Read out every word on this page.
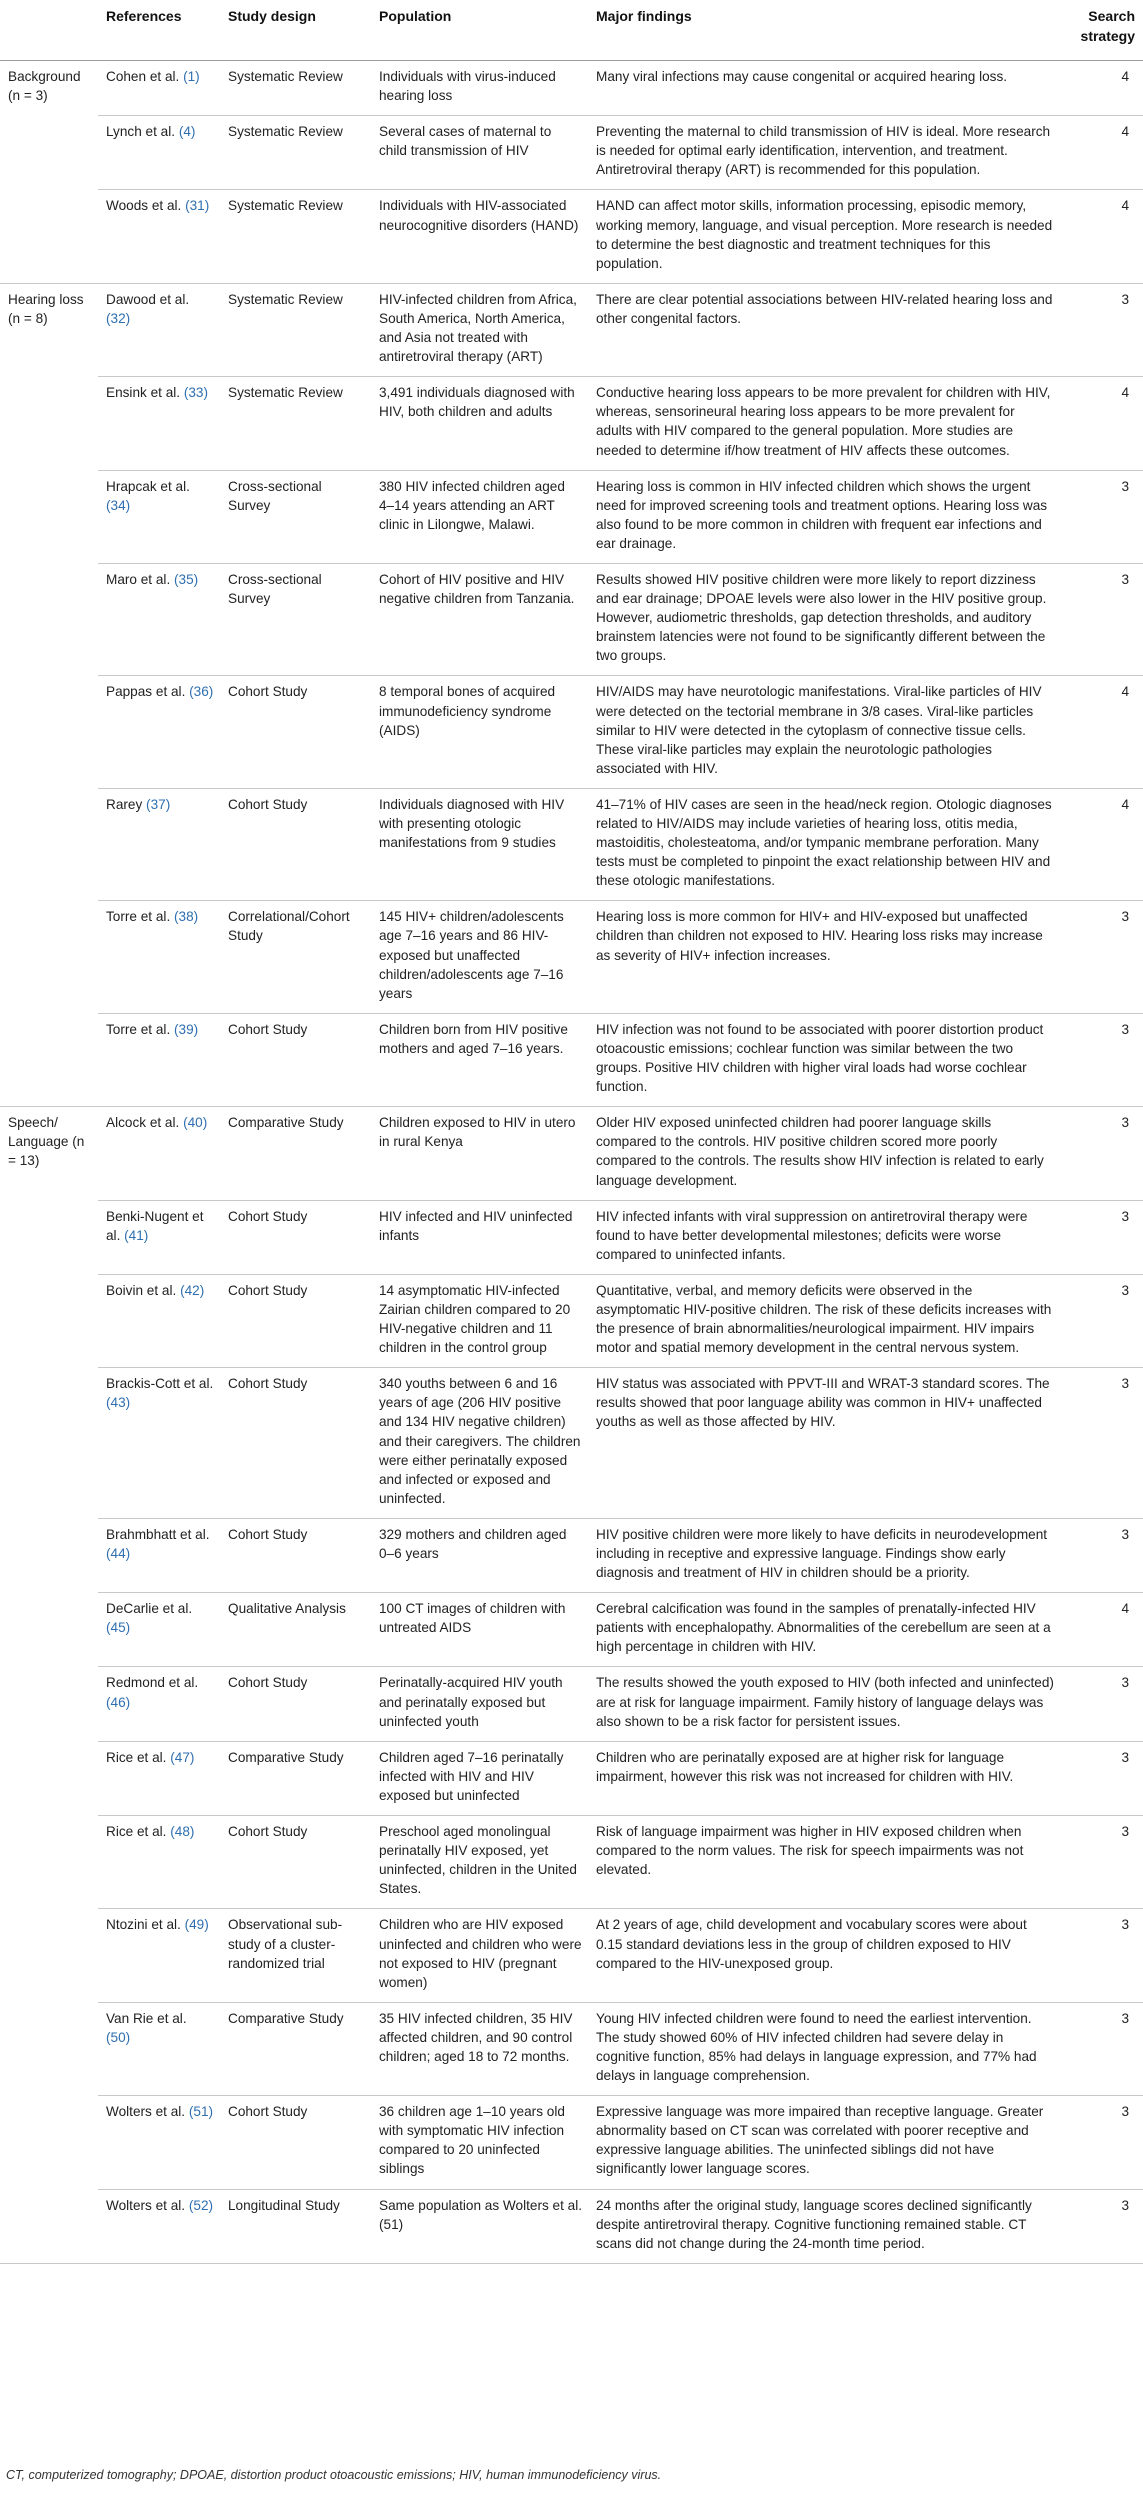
	References	Study design	Population	Major findings	Search strategy
Background (n = 3)	Cohen et al. (1)	Systematic Review	Individuals with virus-induced hearing loss	Many viral infections may cause congenital or acquired hearing loss.	4
	Lynch et al. (4)	Systematic Review	Several cases of maternal to child transmission of HIV	Preventing the maternal to child transmission of HIV is ideal. More research is needed for optimal early identification, intervention, and treatment. Antiretroviral therapy (ART) is recommended for this population.	4
	Woods et al. (31)	Systematic Review	Individuals with HIV-associated neurocognitive disorders (HAND)	HAND can affect motor skills, information processing, episodic memory, working memory, language, and visual perception. More research is needed to determine the best diagnostic and treatment techniques for this population.	4
Hearing loss (n = 8)	Dawood et al. (32)	Systematic Review	HIV-infected children from Africa, South America, North America, and Asia not treated with antiretroviral therapy (ART)	There are clear potential associations between HIV-related hearing loss and other congenital factors.	3
	Ensink et al. (33)	Systematic Review	3,491 individuals diagnosed with HIV, both children and adults	Conductive hearing loss appears to be more prevalent for children with HIV, whereas, sensorineural hearing loss appears to be more prevalent for adults with HIV compared to the general population. More studies are needed to determine if/how treatment of HIV affects these outcomes.	4
	Hrapcak et al. (34)	Cross-sectional Survey	380 HIV infected children aged 4–14 years attending an ART clinic in Lilongwe, Malawi.	Hearing loss is common in HIV infected children which shows the urgent need for improved screening tools and treatment options. Hearing loss was also found to be more common in children with frequent ear infections and ear drainage.	3
	Maro et al. (35)	Cross-sectional Survey	Cohort of HIV positive and HIV negative children from Tanzania.	Results showed HIV positive children were more likely to report dizziness and ear drainage; DPOAE levels were also lower in the HIV positive group. However, audiometric thresholds, gap detection thresholds, and auditory brainstem latencies were not found to be significantly different between the two groups.	3
	Pappas et al. (36)	Cohort Study	8 temporal bones of acquired immunodeficiency syndrome (AIDS)	HIV/AIDS may have neurotologic manifestations. Viral-like particles of HIV were detected on the tectorial membrane in 3/8 cases. Viral-like particles similar to HIV were detected in the cytoplasm of connective tissue cells. These viral-like particles may explain the neurotologic pathologies associated with HIV.	4
	Rarey (37)	Cohort Study	Individuals diagnosed with HIV with presenting otologic manifestations from 9 studies	41–71% of HIV cases are seen in the head/neck region. Otologic diagnoses related to HIV/AIDS may include varieties of hearing loss, otitis media, mastoiditis, cholesteatoma, and/or tympanic membrane perforation. Many tests must be completed to pinpoint the exact relationship between HIV and these otologic manifestations.	4
	Torre et al. (38)	Correlational/Cohort Study	145 HIV+ children/adolescents age 7–16 years and 86 HIV-exposed but unaffected children/adolescents age 7–16 years	Hearing loss is more common for HIV+ and HIV-exposed but unaffected children than children not exposed to HIV. Hearing loss risks may increase as severity of HIV+ infection increases.	3
	Torre et al. (39)	Cohort Study	Children born from HIV positive mothers and aged 7–16 years.	HIV infection was not found to be associated with poorer distortion product otoacoustic emissions; cochlear function was similar between the two groups. Positive HIV children with higher viral loads had worse cochlear function.	3
Speech/ Language (n = 13)	Alcock et al. (40)	Comparative Study	Children exposed to HIV in utero in rural Kenya	Older HIV exposed uninfected children had poorer language skills compared to the controls. HIV positive children scored more poorly compared to the controls. The results show HIV infection is related to early language development.	3
	Benki-Nugent et al. (41)	Cohort Study	HIV infected and HIV uninfected infants	HIV infected infants with viral suppression on antiretroviral therapy were found to have better developmental milestones; deficits were worse compared to uninfected infants.	3
	Boivin et al. (42)	Cohort Study	14 asymptomatic HIV-infected Zairian children compared to 20 HIV-negative children and 11 children in the control group	Quantitative, verbal, and memory deficits were observed in the asymptomatic HIV-positive children. The risk of these deficits increases with the presence of brain abnormalities/neurological impairment. HIV impairs motor and spatial memory development in the central nervous system.	3
	Brackis-Cott et al. (43)	Cohort Study	340 youths between 6 and 16 years of age (206 HIV positive and 134 HIV negative children) and their caregivers. The children were either perinatally exposed and infected or exposed and uninfected.	HIV status was associated with PPVT-III and WRAT-3 standard scores. The results showed that poor language ability was common in HIV+ unaffected youths as well as those affected by HIV.	3
	Brahmbhatt et al. (44)	Cohort Study	329 mothers and children aged 0–6 years	HIV positive children were more likely to have deficits in neurodevelopment including in receptive and expressive language. Findings show early diagnosis and treatment of HIV in children should be a priority.	3
	DeCarlie et al. (45)	Qualitative Analysis	100 CT images of children with untreated AIDS	Cerebral calcification was found in the samples of prenatally-infected HIV patients with encephalopathy. Abnormalities of the cerebellum are seen at a high percentage in children with HIV.	4
	Redmond et al. (46)	Cohort Study	Perinatally-acquired HIV youth and perinatally exposed but uninfected youth	The results showed the youth exposed to HIV (both infected and uninfected) are at risk for language impairment. Family history of language delays was also shown to be a risk factor for persistent issues.	3
	Rice et al. (47)	Comparative Study	Children aged 7–16 perinatally infected with HIV and HIV exposed but uninfected	Children who are perinatally exposed are at higher risk for language impairment, however this risk was not increased for children with HIV.	3
	Rice et al. (48)	Cohort Study	Preschool aged monolingual perinatally HIV exposed, yet uninfected, children in the United States.	Risk of language impairment was higher in HIV exposed children when compared to the norm values. The risk for speech impairments was not elevated.	3
	Ntozini et al. (49)	Observational sub-study of a cluster-randomized trial	Children who are HIV exposed uninfected and children who were not exposed to HIV (pregnant women)	At 2 years of age, child development and vocabulary scores were about 0.15 standard deviations less in the group of children exposed to HIV compared to the HIV-unexposed group.	3
	Van Rie et al. (50)	Comparative Study	35 HIV infected children, 35 HIV affected children, and 90 control children; aged 18 to 72 months.	Young HIV infected children were found to need the earliest intervention. The study showed 60% of HIV infected children had severe delay in cognitive function, 85% had delays in language expression, and 77% had delays in language comprehension.	3
	Wolters et al. (51)	Cohort Study	36 children age 1–10 years old with symptomatic HIV infection compared to 20 uninfected siblings	Expressive language was more impaired than receptive language. Greater abnormality based on CT scan was correlated with poorer receptive and expressive language abilities. The uninfected siblings did not have significantly lower language scores.	3
	Wolters et al. (52)	Longitudinal Study	Same population as Wolters et al. (51)	24 months after the original study, language scores declined significantly despite antiretroviral therapy. Cognitive functioning remained stable. CT scans did not change during the 24-month time period.	3
CT, computerized tomography; DPOAE, distortion product otoacoustic emissions; HIV, human immunodeficiency virus.
